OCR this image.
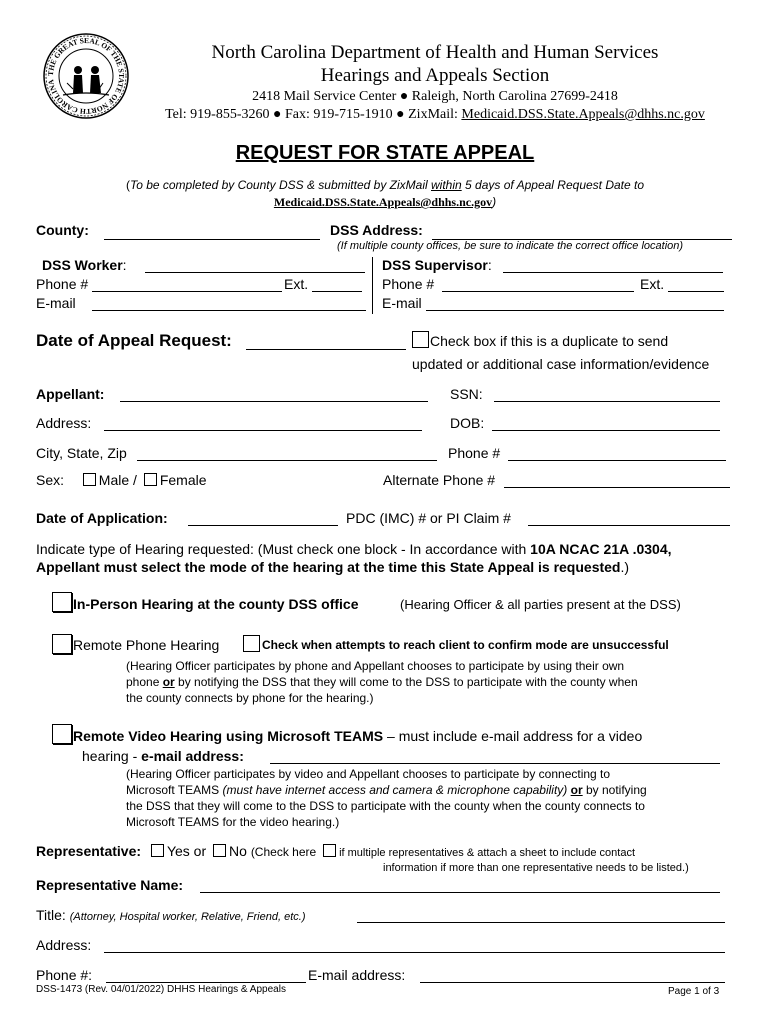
THE GREAT SEAL OF THE STATE OF NORTH CAROLINA
North Carolina Department of Health and Human Services
Hearings and Appeals Section
2418 Mail Service Center ● Raleigh, North Carolina 27699-2418
Tel: 919-855-3260 ● Fax: 919-715-1910 ● ZixMail: Medicaid.DSS.State.Appeals@dhhs.nc.gov
REQUEST FOR STATE APPEAL
(To be completed by County DSS & submitted by ZixMail within 5 days of Appeal Request Date to
Medicaid.DSS.State.Appeals@dhhs.nc.gov)
County:	DSS Address:
(If multiple county offices, be sure to indicate the correct office location)
DSS Worker:
Phone #	Ext.
E-mail
DSS Supervisor:
Phone #	Ext.
E-mail
Date of Appeal Request:	Check box if this is a duplicate to send
updated or additional case information/evidence
Appellant:	SSN:
Address:	DOB:
City, State, Zip	Phone #
Sex: Male / Female	Alternate Phone #
Date of Application:	PDC (IMC) # or PI Claim #
Indicate type of Hearing requested: (Must check one block - In accordance with 10A NCAC 21A .0304,
Appellant must select the mode of the hearing at the time this State Appeal is requested.)
In-Person Hearing at the county DSS office	(Hearing Officer & all parties present at the DSS)
Remote Phone Hearing	Check when attempts to reach client to confirm mode are unsuccessful
(Hearing Officer participates by phone and Appellant chooses to participate by using their own
phone or by notifying the DSS that they will come to the DSS to participate with the county when
the county connects by phone for the hearing.)
Remote Video Hearing using Microsoft TEAMS – must include e-mail address for a video
hearing - e-mail address:
(Hearing Officer participates by video and Appellant chooses to participate by connecting to
Microsoft TEAMS (must have internet access and camera & microphone capability) or by notifying
the DSS that they will come to the DSS to participate with the county when the county connects to
Microsoft TEAMS for the video hearing.)
Representative: Yes or No (Check here if multiple representatives & attach a sheet to include contact
information if more than one representative needs to be listed.)
Representative Name:
Title: (Attorney, Hospital worker, Relative, Friend, etc.)
Address:
Phone #:	E-mail address:
DSS-1473 (Rev. 04/01/2022) DHHS Hearings & Appeals	Page 1 of 3
